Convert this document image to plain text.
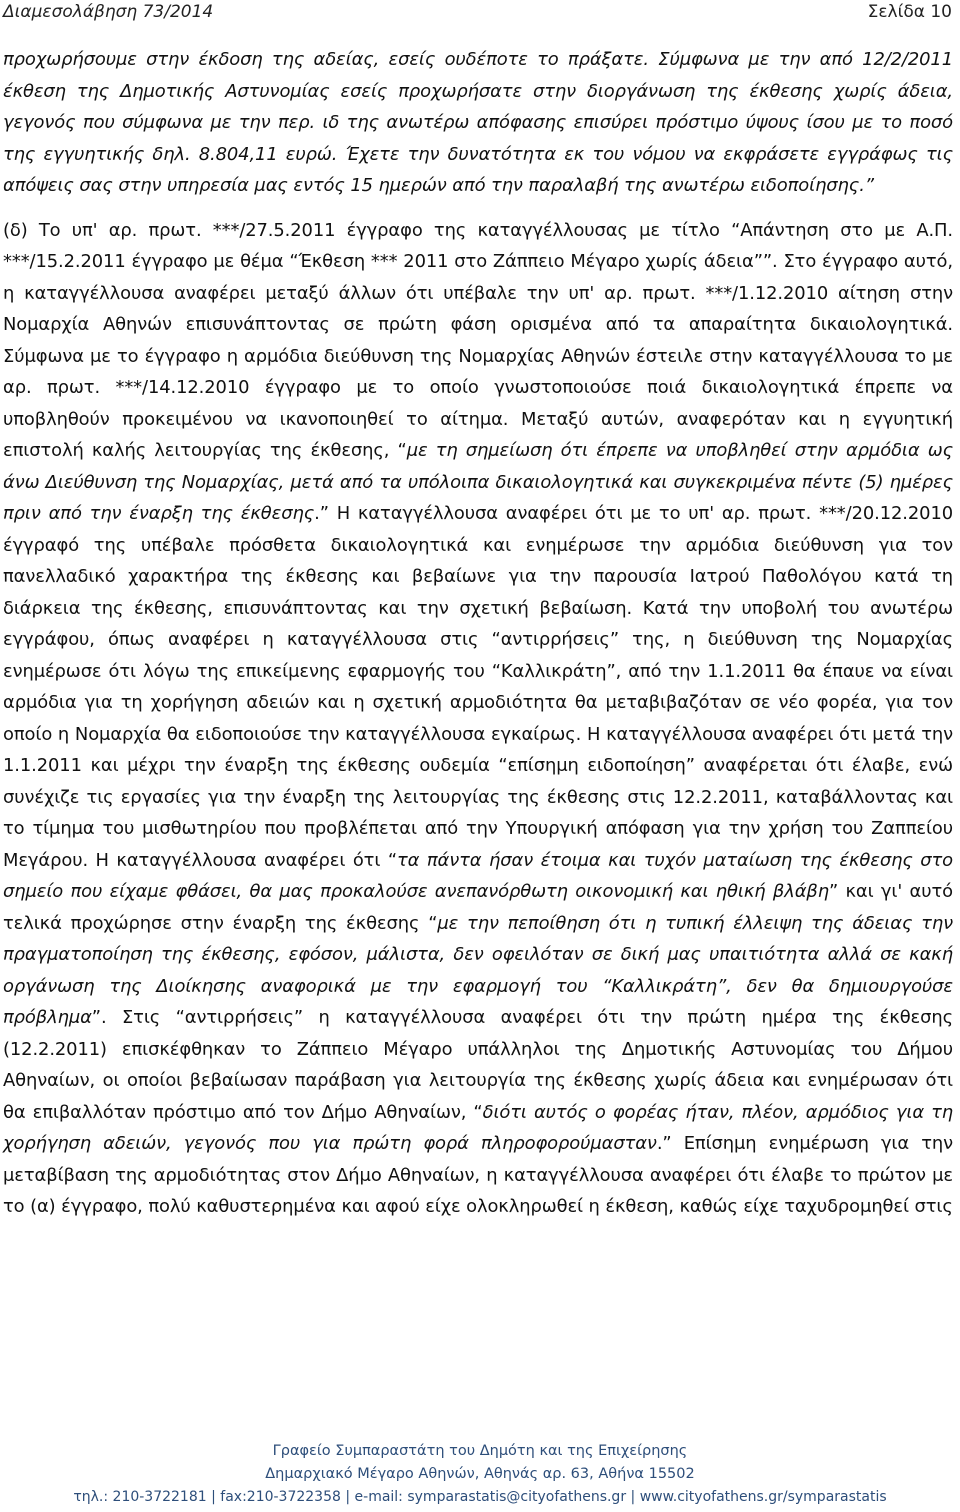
Διαμεσολάβηση 73/2014	Σελίδα 10

προχωρήσουμε στην έκδοση της αδείας, εσείς ουδέποτε το πράξατε. Σύμφωνα με την από 12/2/2011 έκθεση της Δημοτικής Αστυνομίας εσείς προχωρήσατε στην διοργάνωση της έκθεσης χωρίς άδεια, γεγονός που σύμφωνα με την περ. ιδ της ανωτέρω απόφασης επισύρει πρόστιμο ύψους ίσου με το ποσό της εγγυητικής δηλ. 8.804,11 ευρώ. Έχετε την δυνατότητα εκ του νόμου να εκφράσετε εγγράφως τις απόψεις σας στην υπηρεσία μας εντός 15 ημερών από την παραλαβή της ανωτέρω ειδοποίησης.”

(δ) Το υπ' αρ. πρωτ. ***/27.5.2011 έγγραφο της καταγγέλλουσας με τίτλο “Απάντηση στο με Α.Π. ***/15.2.2011 έγγραφο με θέμα “Έκθεση *** 2011 στο Ζάππειο Μέγαρο χωρίς άδεια””. Στο έγγραφο αυτό, η καταγγέλλουσα αναφέρει μεταξύ άλλων ότι υπέβαλε την υπ' αρ. πρωτ. ***/1.12.2010 αίτηση στην Νομαρχία Αθηνών επισυνάπτοντας σε πρώτη φάση ορισμένα από τα απαραίτητα δικαιολογητικά. Σύμφωνα με το έγγραφο η αρμόδια διεύθυνση της Νομαρχίας Αθηνών έστειλε στην καταγγέλλουσα το με αρ. πρωτ. ***/14.12.2010 έγγραφο με το οποίο γνωστοποιούσε ποιά δικαιολογητικά έπρεπε να υποβληθούν προκειμένου να ικανοποιηθεί το αίτημα. Μεταξύ αυτών, αναφερόταν και η εγγυητική επιστολή καλής λειτουργίας της έκθεσης, “με τη σημείωση ότι έπρεπε να υποβληθεί στην αρμόδια ως άνω Διεύθυνση της Νομαρχίας, μετά από τα υπόλοιπα δικαιολογητικά και συγκεκριμένα πέντε (5) ημέρες πριν από την έναρξη της έκθεσης.” Η καταγγέλλουσα αναφέρει ότι με το υπ' αρ. πρωτ. ***/20.12.2010 έγγραφό της υπέβαλε πρόσθετα δικαιολογητικά και ενημέρωσε την αρμόδια διεύθυνση για τον πανελλαδικό χαρακτήρα της έκθεσης και βεβαίωνε για την παρουσία Ιατρού Παθολόγου κατά τη διάρκεια της έκθεσης, επισυνάπτοντας και την σχετική βεβαίωση. Κατά την υποβολή του ανωτέρω εγγράφου, όπως αναφέρει η καταγγέλλουσα στις “αντιρρήσεις” της, η διεύθυνση της Νομαρχίας ενημέρωσε ότι λόγω της επικείμενης εφαρμογής του “Καλλικράτη”, από την 1.1.2011 θα έπαυε να είναι αρμόδια για τη χορήγηση αδειών και η σχετική αρμοδιότητα θα μεταβιβαζόταν σε νέο φορέα, για τον οποίο η Νομαρχία θα ειδοποιούσε την καταγγέλλουσα εγκαίρως. Η καταγγέλλουσα αναφέρει ότι μετά την 1.1.2011 και μέχρι την έναρξη της έκθεσης ουδεμία “επίσημη ειδοποίηση” αναφέρεται ότι έλαβε, ενώ συνέχιζε τις εργασίες για την έναρξη της λειτουργίας της έκθεσης στις 12.2.2011, καταβάλλοντας και το τίμημα του μισθωτηρίου που προβλέπεται από την Υπουργική απόφαση για την χρήση του Ζαππείου Μεγάρου. Η καταγγέλλουσα αναφέρει ότι “τα πάντα ήσαν έτοιμα και τυχόν ματαίωση της έκθεσης στο σημείο που είχαμε φθάσει, θα μας προκαλούσε ανεπανόρθωτη οικονομική και ηθική βλάβη” και γι' αυτό τελικά προχώρησε στην έναρξη της έκθεσης “με την πεποίθηση ότι η τυπική έλλειψη της άδειας την πραγματοποίηση της έκθεσης, εφόσον, μάλιστα, δεν οφειλόταν σε δική μας υπαιτιότητα αλλά σε κακή οργάνωση της Διοίκησης αναφορικά με την εφαρμογή του “Καλλικράτη”, δεν θα δημιουργούσε πρόβλημα”. Στις “αντιρρήσεις” η καταγγέλλουσα αναφέρει ότι την πρώτη ημέρα της έκθεσης (12.2.2011) επισκέφθηκαν το Ζάππειο Μέγαρο υπάλληλοι της Δημοτικής Αστυνομίας του Δήμου Αθηναίων, οι οποίοι βεβαίωσαν παράβαση για λειτουργία της έκθεσης χωρίς άδεια και ενημέρωσαν ότι θα επιβαλλόταν πρόστιμο από τον Δήμο Αθηναίων, “διότι αυτός ο φορέας ήταν, πλέον, αρμόδιος για τη χορήγηση αδειών, γεγονός που για πρώτη φορά πληροφορούμασταν.” Επίσημη ενημέρωση για την μεταβίβαση της αρμοδιότητας στον Δήμο Αθηναίων, η καταγγέλλουσα αναφέρει ότι έλαβε το πρώτον με το (α) έγγραφο, πολύ καθυστερημένα και αφού είχε ολοκληρωθεί η έκθεση, καθώς είχε ταχυδρομηθεί στις

Γραφείο Συμπαραστάτη του Δημότη και της Επιχείρησης
Δημαρχιακό Μέγαρο Αθηνών, Αθηνάς αρ. 63, Αθήνα 15502
τηλ.: 210-3722181 | fax:210-3722358 | e-mail: symparastatis@cityofathens.gr | www.cityofathens.gr/symparastatis
